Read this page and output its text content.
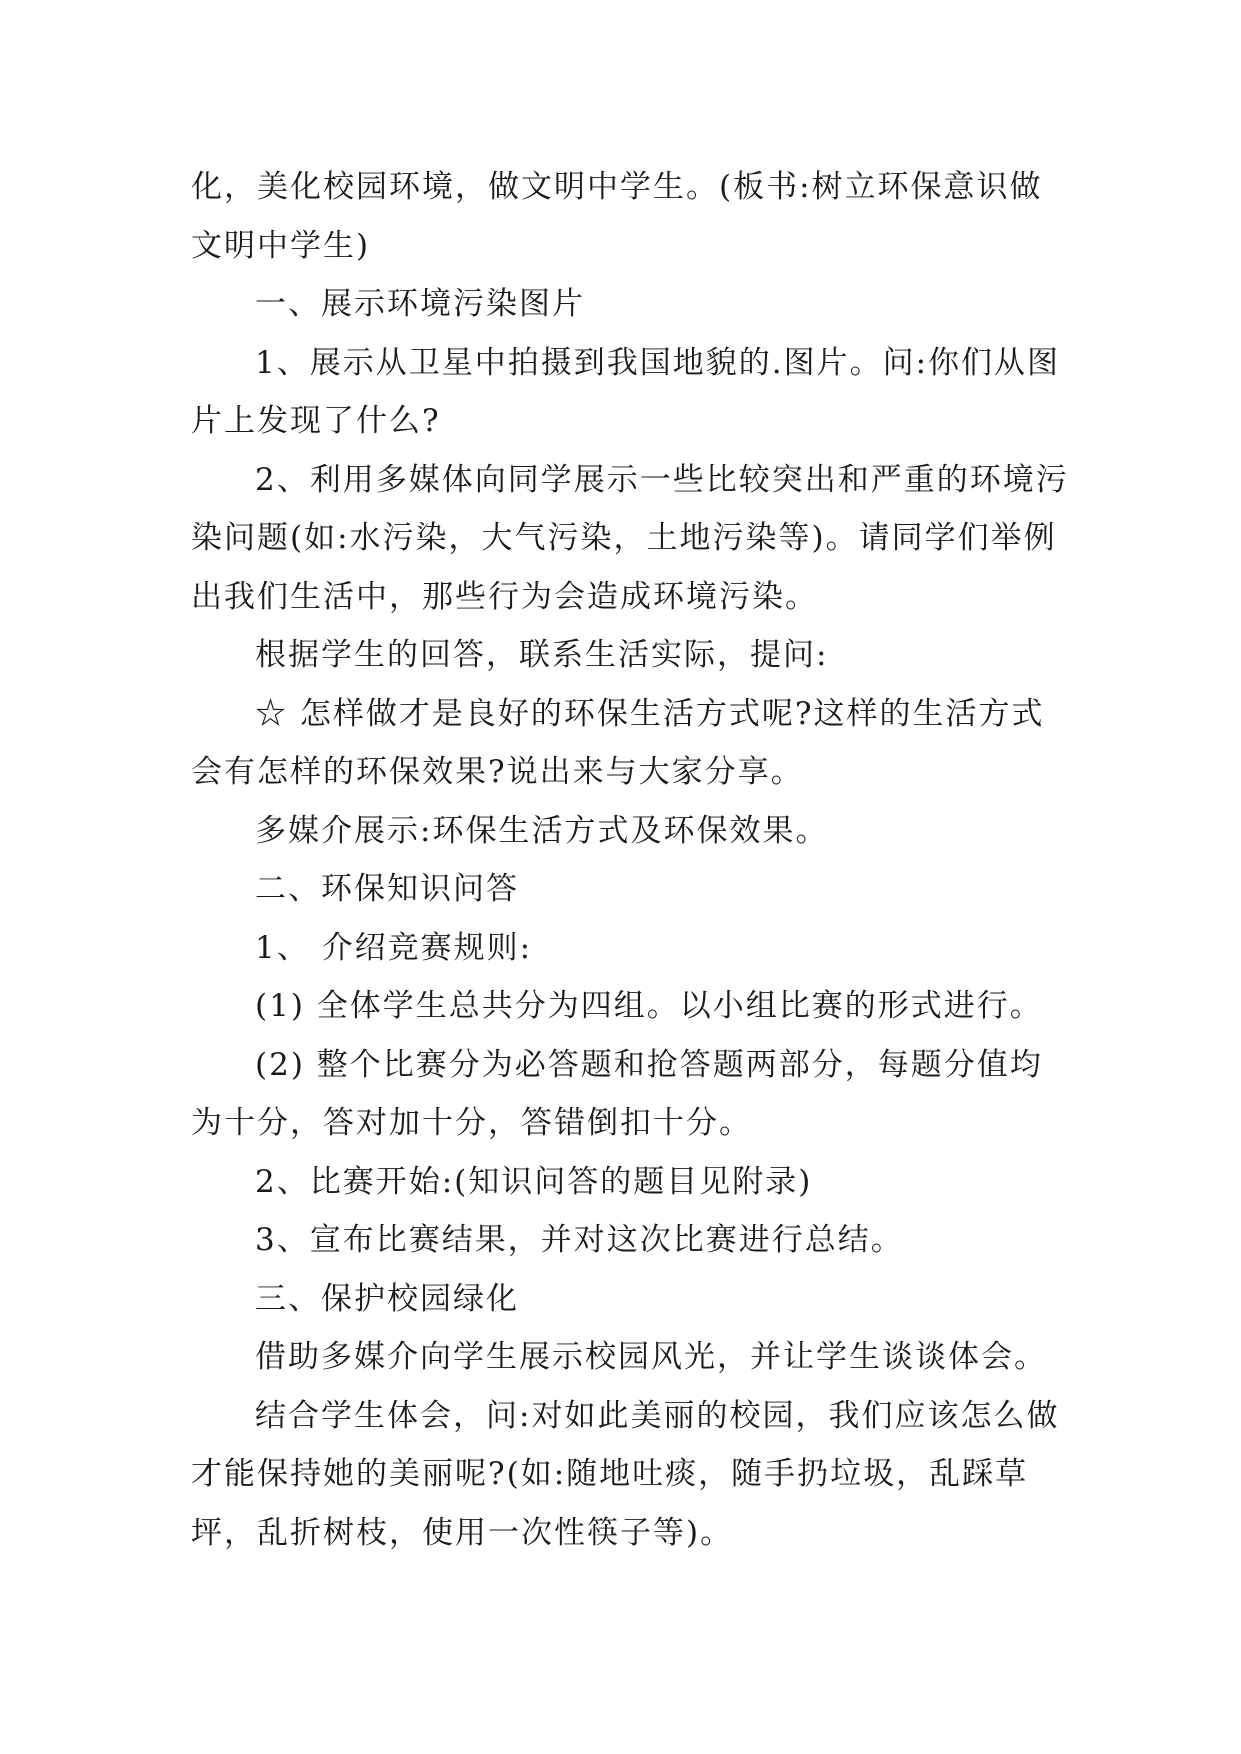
化，美化校园环境，做文明中学生。(板书:树立环保意识做文明中学生)

一、展示环境污染图片

1、展示从卫星中拍摄到我国地貌的.图片。问:你们从图片上发现了什么?

2、利用多媒体向同学展示一些比较突出和严重的环境污染问题(如:水污染，大气污染，土地污染等)。请同学们举例出我们生活中，那些行为会造成环境污染。

根据学生的回答，联系生活实际，提问:

☆ 怎样做才是良好的环保生活方式呢?这样的生活方式会有怎样的环保效果?说出来与大家分享。

多媒介展示:环保生活方式及环保效果。

二、环保知识问答

1、 介绍竞赛规则:

(1) 全体学生总共分为四组。以小组比赛的形式进行。

(2) 整个比赛分为必答题和抢答题两部分，每题分值均为十分，答对加十分，答错倒扣十分。

2、比赛开始:(知识问答的题目见附录)

3、宣布比赛结果，并对这次比赛进行总结。

三、保护校园绿化

借助多媒介向学生展示校园风光，并让学生谈谈体会。

结合学生体会，问:对如此美丽的校园，我们应该怎么做才能保持她的美丽呢?(如:随地吐痰，随手扔垃圾，乱踩草坪，乱折树枝，使用一次性筷子等)。
